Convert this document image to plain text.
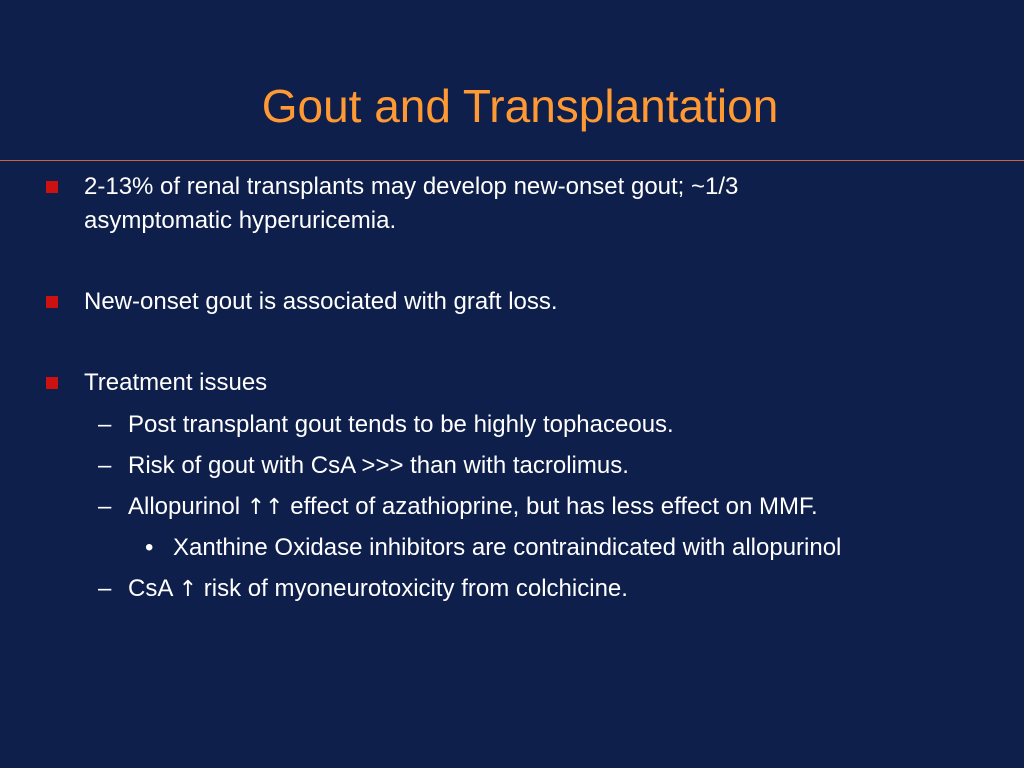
Gout and Transplantation
2-13% of renal transplants may develop new-onset gout; ~1/3
asymptomatic hyperuricemia.
New-onset gout is associated with graft loss.
Treatment issues
– Post transplant gout tends to be highly tophaceous.
– Risk of gout with CsA >>> than with tacrolimus.
– Allopurinol ↑↑ effect of azathioprine, but has less effect on MMF.
• Xanthine Oxidase inhibitors are contraindicated with allopurinol
– CsA ↑ risk of myoneurotoxicity from colchicine.
